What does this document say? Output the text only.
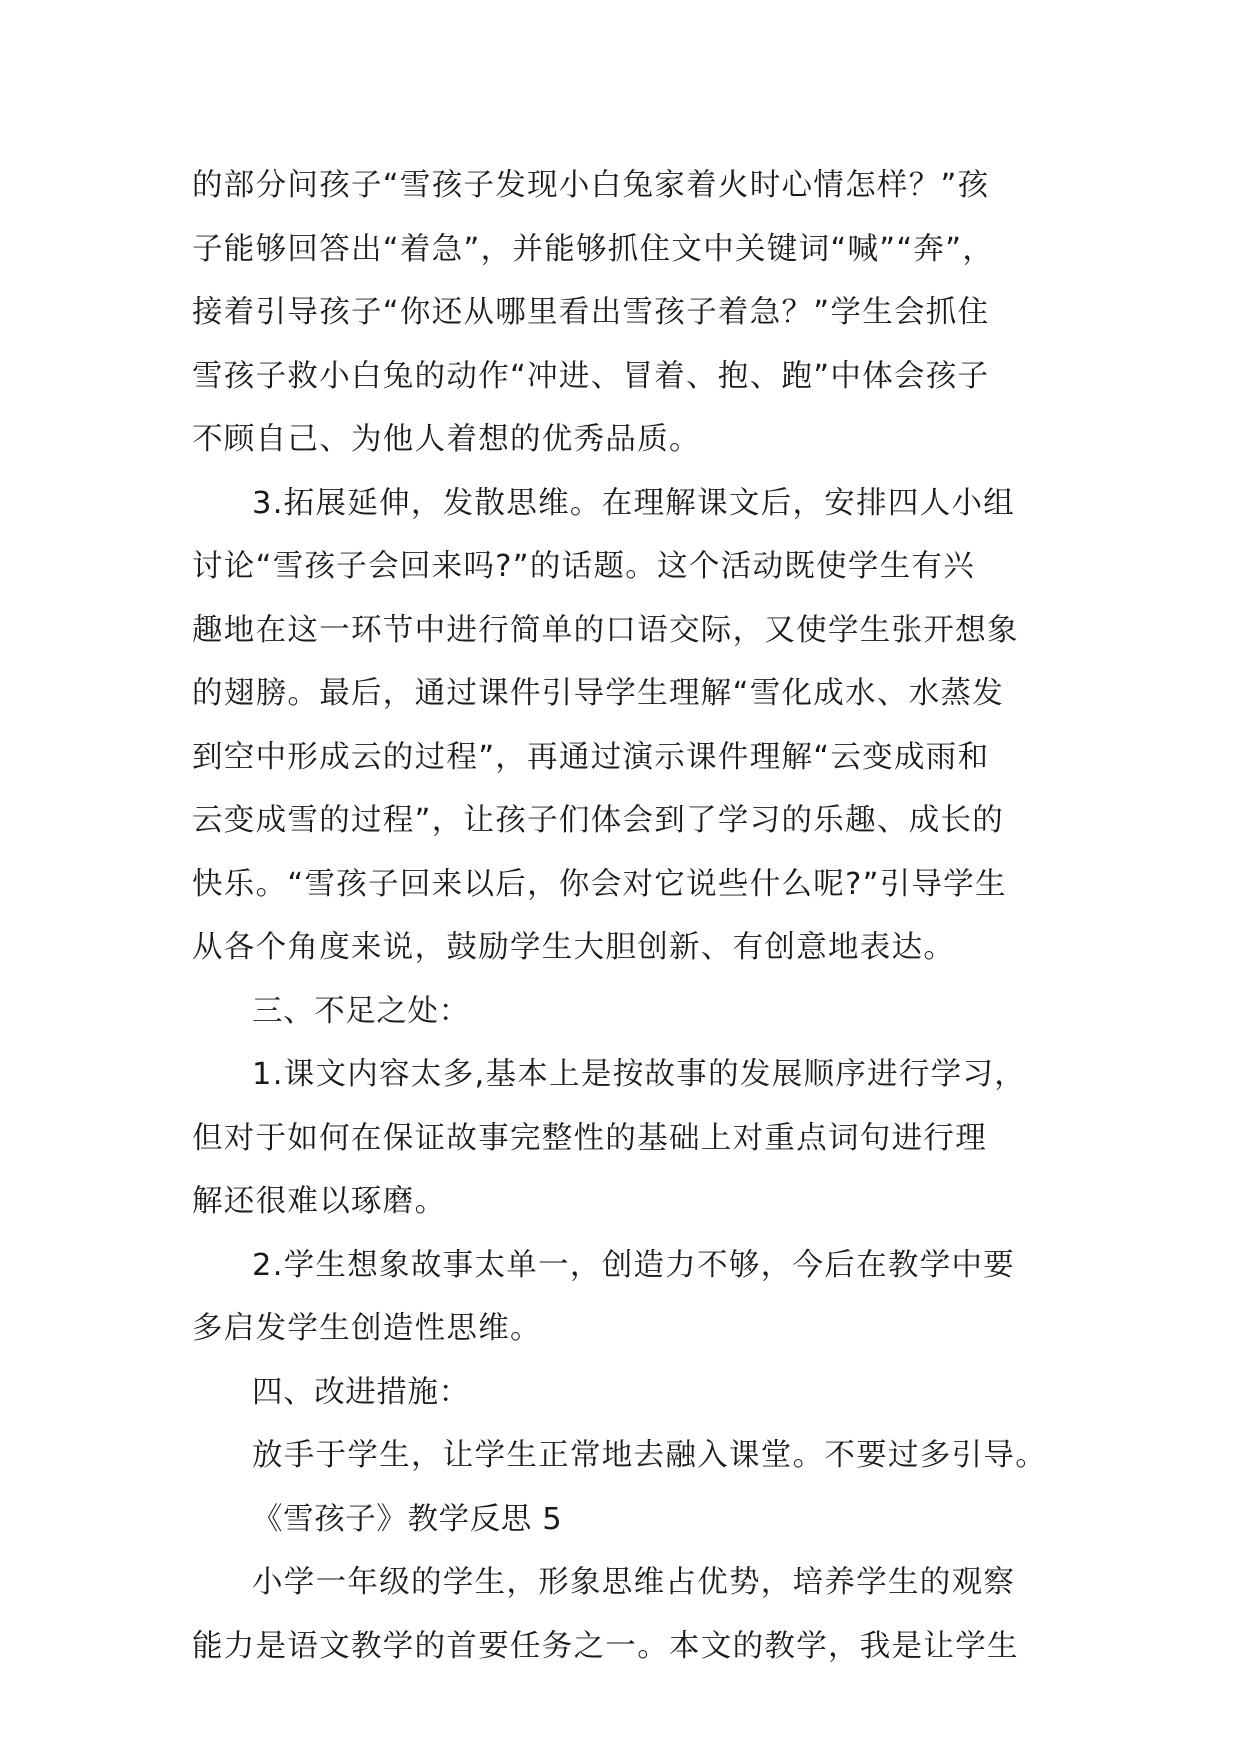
的部分问孩子“雪孩子发现小白兔家着火时心情怎样？”孩
子能够回答出“着急”，并能够抓住文中关键词“喊”“奔”，
接着引导孩子“你还从哪里看出雪孩子着急？”学生会抓住
雪孩子救小白兔的动作“冲进、冒着、抱、跑”中体会孩子
不顾自己、为他人着想的优秀品质。
3.拓展延伸，发散思维。在理解课文后，安排四人小组
讨论“雪孩子会回来吗?”的话题。这个活动既使学生有兴
趣地在这一环节中进行简单的口语交际，又使学生张开想象
的翅膀。最后，通过课件引导学生理解“雪化成水、水蒸发
到空中形成云的过程”，再通过演示课件理解“云变成雨和
云变成雪的过程”，让孩子们体会到了学习的乐趣、成长的
快乐。“雪孩子回来以后，你会对它说些什么呢?”引导学生
从各个角度来说，鼓励学生大胆创新、有创意地表达。
三、不足之处：
1.课文内容太多,基本上是按故事的发展顺序进行学习，
但对于如何在保证故事完整性的基础上对重点词句进行理
解还很难以琢磨。
2.学生想象故事太单一，创造力不够，今后在教学中要
多启发学生创造性思维。
四、改进措施：
放手于学生，让学生正常地去融入课堂。不要过多引导。
《雪孩子》教学反思 5
小学一年级的学生，形象思维占优势，培养学生的观察
能力是语文教学的首要任务之一。本文的教学，我是让学生
